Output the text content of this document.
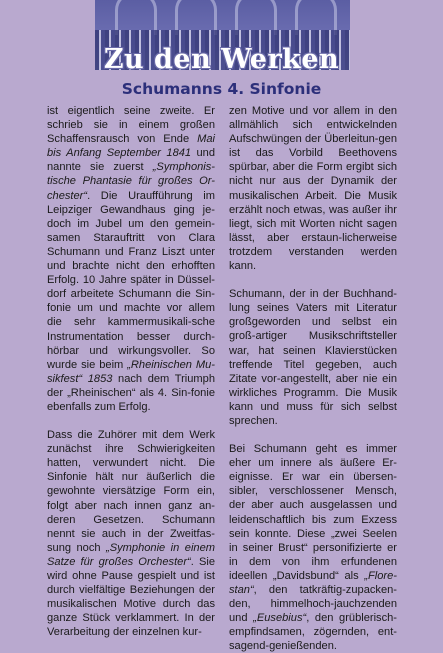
Zu den Werken
Schumanns 4. Sinfonie

ist eigentlich seine zweite. Er schrieb sie in einem großen Schaffensrausch von Ende Mai bis Anfang September 1841 und nannte sie zuerst „Symphonis-tische Phantasie für großes Or-chester“. Die Uraufführung im Leipziger Gewandhaus ging je-doch im Jubel um den gemein-samen Starauftritt von Clara Schumann und Franz Liszt unter und brachte nicht den erhofften Erfolg. 10 Jahre später in Düssel-dorf arbeitete Schumann die Sin-fonie um und machte vor allem die sehr kammermusikali-sche Instrumentation besser durch-hörbar und wirkungsvoller. So wurde sie beim „Rheinischen Mu-sikfest“ 1853 nach dem Triumph der „Rheinischen“ als 4. Sin-fonie ebenfalls zum Erfolg.

Dass die Zuhörer mit dem Werk zunächst ihre Schwierigkeiten hatten, verwundert nicht. Die Sinfonie hält nur äußerlich die gewohnte viersätzige Form ein, folgt aber nach innen ganz an-deren Gesetzen. Schumann nennt sie auch in der Zweitfas-sung noch „Symphonie in einem Satze für großes Orchester“. Sie wird ohne Pause gespielt und ist durch vielfältige Beziehungen der musikalischen Motive durch das ganze Stück verklammert. In der Verarbeitung der einzelnen kur-

zen Motive und vor allem in den allmählich sich entwickelnden Aufschwüngen der Überleitun-gen ist das Vorbild Beethovens spürbar, aber die Form ergibt sich nicht nur aus der Dynamik der musikalischen Arbeit. Die Musik erzählt noch etwas, was außer ihr liegt, sich mit Worten nicht sagen lässt, aber erstaun-licherweise trotzdem verstanden werden kann.

Schumann, der in der Buchhand-lung seines Vaters mit Literatur großgeworden und selbst ein groß-artiger Musikschriftsteller war, hat seinen Klavierstücken treffende Titel gegeben, auch Zitate vor-angestellt, aber nie ein wirkliches Programm. Die Musik kann und muss für sich selbst sprechen.

Bei Schumann geht es immer eher um innere als äußere Er-eignisse. Er war ein übersen-sibler, verschlossener Mensch, der aber auch ausgelassen und leidenschaftlich bis zum Exzess sein konnte. Diese „zwei Seelen in seiner Brust“ personifizierte er in dem von ihm erfundenen ideellen „Davidsbund“ als „Flore-stan“, den tatkräftig-zupacken-den, himmelhoch-jauchzenden und „Eusebius“, den grüblerisch-empfindsamen, zögernden, ent-sagend-genießenden.
